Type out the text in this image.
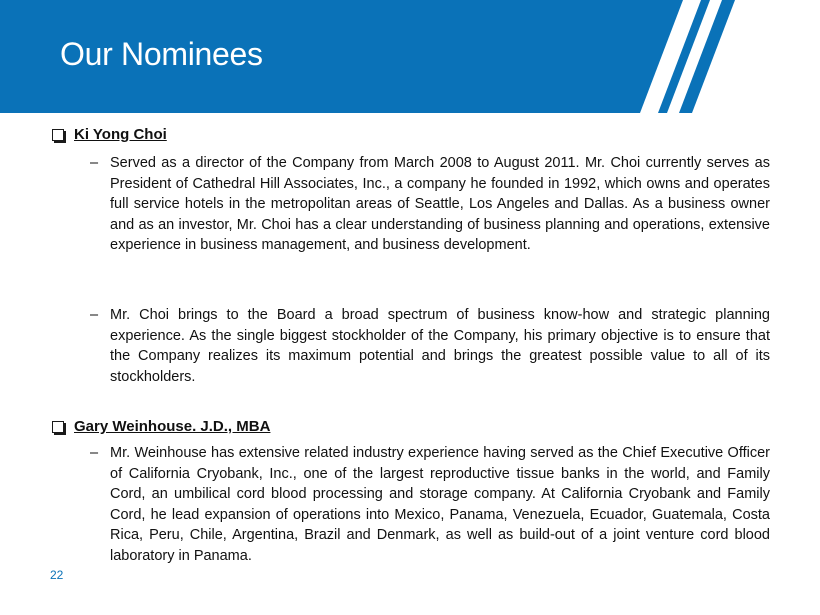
Our Nominees
Ki Yong Choi
– Served as a director of the Company from March 2008 to August 2011. Mr. Choi currently serves as President of Cathedral Hill Associates, Inc., a company he founded in 1992, which owns and operates full service hotels in the metropolitan areas of Seattle, Los Angeles and Dallas. As a business owner and as an investor, Mr. Choi has a clear understanding of business planning and operations, extensive experience in business management, and business development.
– Mr. Choi brings to the Board a broad spectrum of business know-how and strategic planning experience. As the single biggest stockholder of the Company, his primary objective is to ensure that the Company realizes its maximum potential and brings the greatest possible value to all of its stockholders.
Gary Weinhouse. J.D., MBA
– Mr. Weinhouse has extensive related industry experience having served as the Chief Executive Officer of California Cryobank, Inc., one of the largest reproductive tissue banks in the world, and Family Cord, an umbilical cord blood processing and storage company. At California Cryobank and Family Cord, he lead expansion of operations into Mexico, Panama, Venezuela, Ecuador, Guatemala, Costa Rica, Peru, Chile, Argentina, Brazil and Denmark, as well as build-out of a joint venture cord blood laboratory in Panama.
22
